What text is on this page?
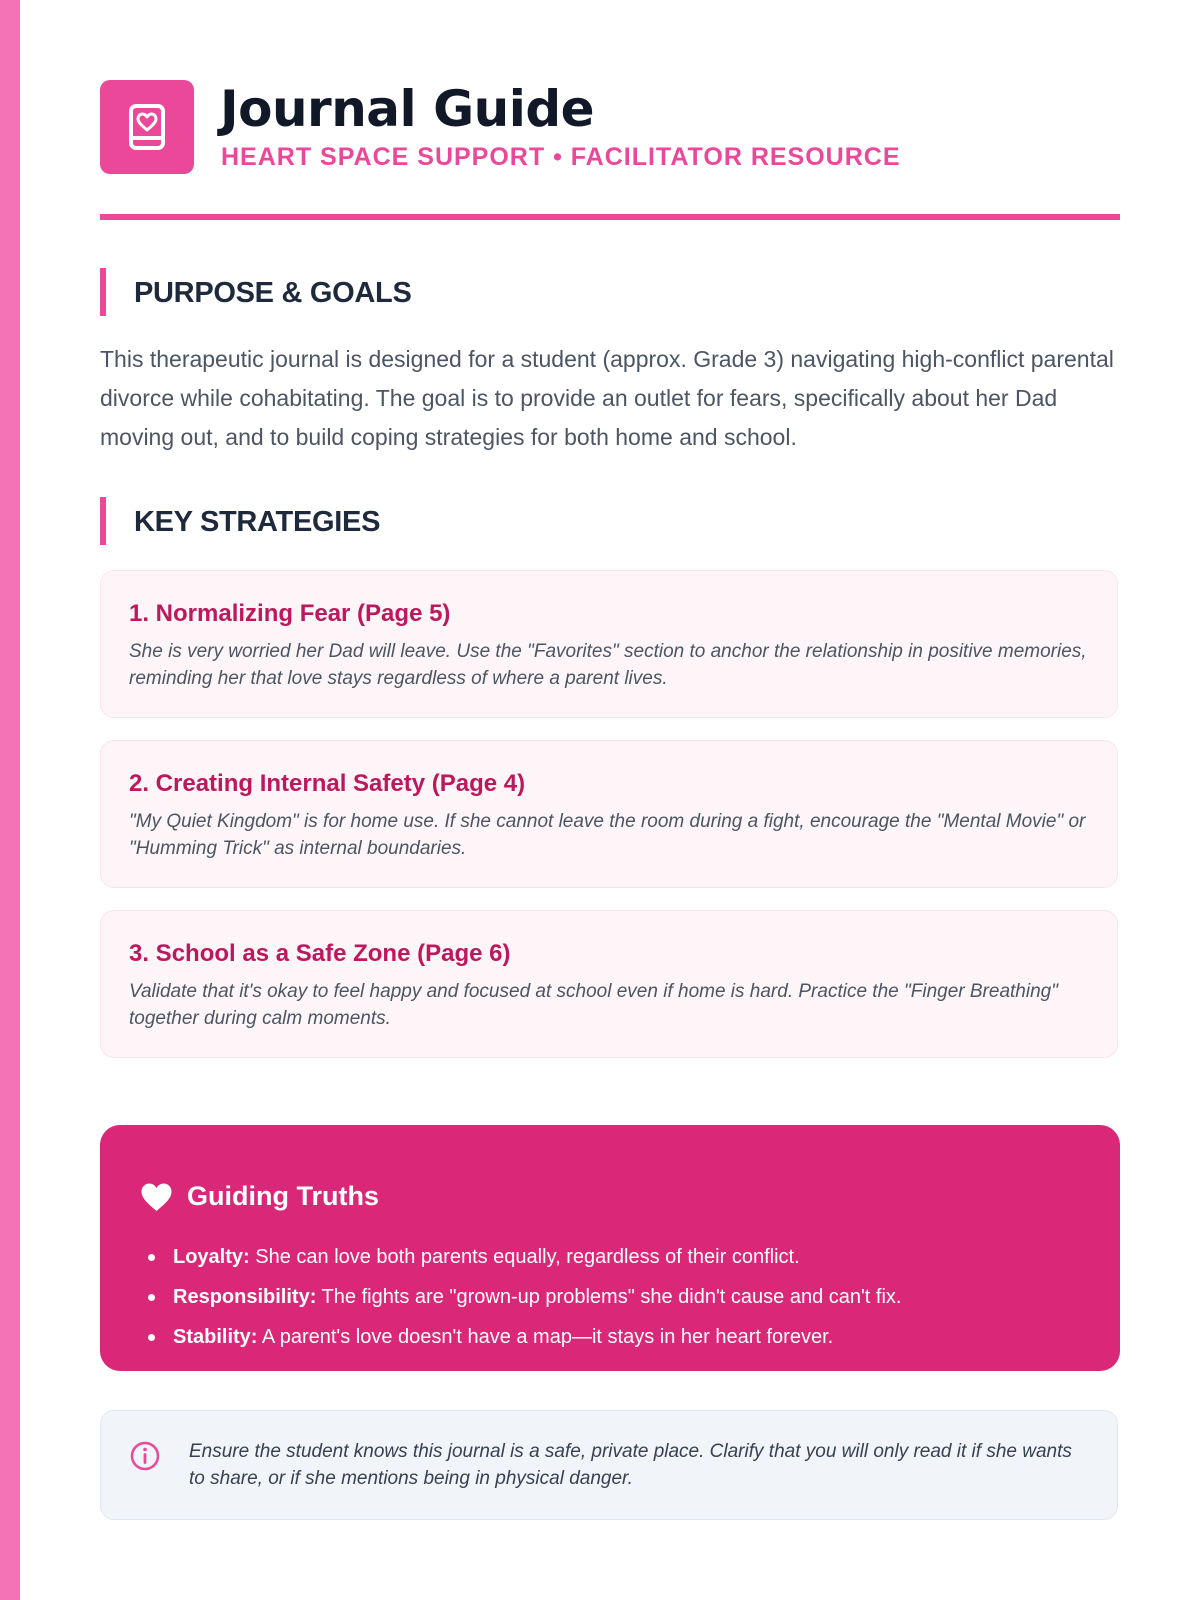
Journal Guide
HEART SPACE SUPPORT • FACILITATOR RESOURCE
PURPOSE & GOALS

This therapeutic journal is designed for a student (approx. Grade 3) navigating high-conflict parental divorce while cohabitating. The goal is to provide an outlet for fears, specifically about her Dad moving out, and to build coping strategies for both home and school.

KEY STRATEGIES
1. Normalizing Fear (Page 5)

She is very worried her Dad will leave. Use the "Favorites" section to anchor the relationship in positive memories, reminding her that love stays regardless of where a parent lives.

2. Creating Internal Safety (Page 4)

"My Quiet Kingdom" is for home use. If she cannot leave the room during a fight, encourage the "Mental Movie" or "Humming Trick" as internal boundaries.

3. School as a Safe Zone (Page 6)

Validate that it's okay to feel happy and focused at school even if home is hard. Practice the "Finger Breathing" together during calm moments.

Guiding Truths
Loyalty: She can love both parents equally, regardless of their conflict.
Responsibility: The fights are "grown-up problems" she didn't cause and can't fix.
Stability: A parent's love doesn't have a map—it stays in her heart forever.

Ensure the student knows this journal is a safe, private place. Clarify that you will only read it if she wants to share, or if she mentions being in physical danger.
